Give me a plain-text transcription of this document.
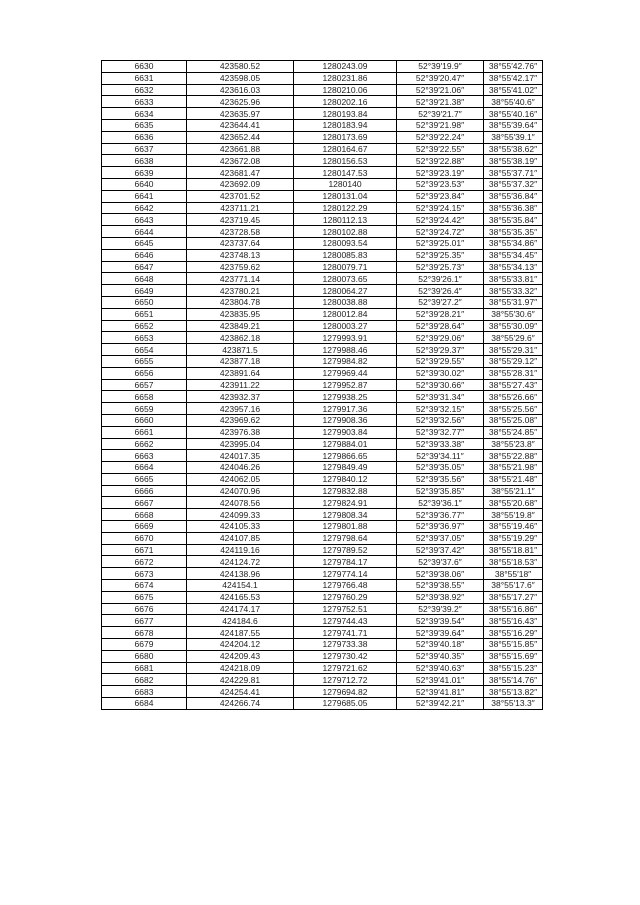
6630	423580.52	1280243.09	52°39′19.9″	38°55′42.76″
6631	423598.05	1280231.86	52°39′20.47″	38°55′42.17″
6632	423616.03	1280210.06	52°39′21.06″	38°55′41.02″
6633	423625.96	1280202.16	52°39′21.38″	38°55′40.6″
6634	423635.97	1280193.84	52°39′21.7″	38°55′40.16″
6635	423644.41	1280183.94	52°39′21.98″	38°55′39.64″
6636	423652.44	1280173.69	52°39′22.24″	38°55′39.1″
6637	423661.88	1280164.67	52°39′22.55″	38°55′38.62″
6638	423672.08	1280156.53	52°39′22.88″	38°55′38.19″
6639	423681.47	1280147.53	52°39′23.19″	38°55′37.71″
6640	423692.09	1280140	52°39′23.53″	38°55′37.32″
6641	423701.52	1280131.04	52°39′23.84″	38°55′36.84″
6642	423711.21	1280122.29	52°39′24.15″	38°55′36.38″
6643	423719.45	1280112.13	52°39′24.42″	38°55′35.84″
6644	423728.58	1280102.88	52°39′24.72″	38°55′35.35″
6645	423737.64	1280093.54	52°39′25.01″	38°55′34.86″
6646	423748.13	1280085.83	52°39′25.35″	38°55′34.45″
6647	423759.62	1280079.71	52°39′25.73″	38°55′34.13″
6648	423771.14	1280073.65	52°39′26.1″	38°55′33.81″
6649	423780.21	1280064.27	52°39′26.4″	38°55′33.32″
6650	423804.78	1280038.88	52°39′27.2″	38°55′31.97″
6651	423835.95	1280012.84	52°39′28.21″	38°55′30.6″
6652	423849.21	1280003.27	52°39′28.64″	38°55′30.09″
6653	423862.18	1279993.91	52°39′29.06″	38°55′29.6″
6654	423871.5	1279988.46	52°39′29.37″	38°55′29.31″
6655	423877.18	1279984.82	52°39′29.55″	38°55′29.12″
6656	423891.64	1279969.44	52°39′30.02″	38°55′28.31″
6657	423911.22	1279952.87	52°39′30.66″	38°55′27.43″
6658	423932.37	1279938.25	52°39′31.34″	38°55′26.66″
6659	423957.16	1279917.36	52°39′32.15″	38°55′25.56″
6660	423969.62	1279908.36	52°39′32.56″	38°55′25.08″
6661	423976.38	1279903.84	52°39′32.77″	38°55′24.85″
6662	423995.04	1279884.01	52°39′33.38″	38°55′23.8″
6663	424017.35	1279866.65	52°39′34.11″	38°55′22.88″
6664	424046.26	1279849.49	52°39′35.05″	38°55′21.98″
6665	424062.05	1279840.12	52°39′35.56″	38°55′21.48″
6666	424070.96	1279832.88	52°39′35.85″	38°55′21.1″
6667	424078.56	1279824.91	52°39′36.1″	38°55′20.68″
6668	424099.33	1279808.34	52°39′36.77″	38°55′19.8″
6669	424105.33	1279801.88	52°39′36.97″	38°55′19.46″
6670	424107.85	1279798.64	52°39′37.05″	38°55′19.29″
6671	424119.16	1279789.52	52°39′37.42″	38°55′18.81″
6672	424124.72	1279784.17	52°39′37.6″	38°55′18.53″
6673	424138.96	1279774.14	52°39′38.06″	38°55′18″
6674	424154.1	1279766.48	52°39′38.55″	38°55′17.6″
6675	424165.53	1279760.29	52°39′38.92″	38°55′17.27″
6676	424174.17	1279752.51	52°39′39.2″	38°55′16.86″
6677	424184.6	1279744.43	52°39′39.54″	38°55′16.43″
6678	424187.55	1279741.71	52°39′39.64″	38°55′16.29″
6679	424204.12	1279733.38	52°39′40.18″	38°55′15.85″
6680	424209.43	1279730.42	52°39′40.35″	38°55′15.69″
6681	424218.09	1279721.62	52°39′40.63″	38°55′15.23″
6682	424229.81	1279712.72	52°39′41.01″	38°55′14.76″
6683	424254.41	1279694.82	52°39′41.81″	38°55′13.82″
6684	424266.74	1279685.05	52°39′42.21″	38°55′13.3″
